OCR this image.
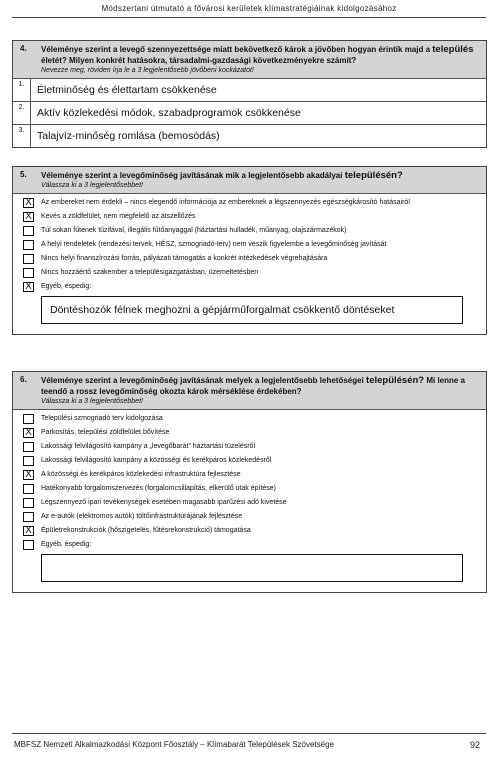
Módszertani útmutató a fővárosi kerületek klímastratégiáinak kidolgozásához
4. Véleménye szerint a levegő szennyezettsége miatt bekövetkező károk a jövőben hogyan érintik majd a település életét? Milyen konkrét hatásokra, társadalmi-gazdasági következményekre számít?
Nevezze meg, röviden írja le a 3 legjelentősebb jövőbeni kockázatot!
1.	Életminőség és élettartam csökkenése
2.	Aktív közlekedési módok, szabadprogramok csökkenése
3.	Talajvíz-minőség romlása (bemosódás)
5. Véleménye szerint a levegőminőség javításának mik a legjelentősebb akadályai településén?
Válassza ki a 3 legjelentősebbet!
X	Az embereket nem érdekli – nincs elegendő információja az embereknek a légszennyezés egészségkárosító hatásairól
X	Kevés a zöldfelület, nem megfelelő az átszellőzés
Túl sokan fűtenek tűzifával, illegális fűtőanyaggal (háztartási hulladék, műanyag, olajszármazékok)
A helyi rendeletek (rendezési tervek, HÉSZ, szmogriadó-terv) nem veszik figyelembe a levegőminőség javítását
Nincs helyi finanszírozási forrás, pályázati támogatás a konkrét intézkedések végrehajtására
Nincs hozzáértő szakember a településigazgatásban, üzemeltetésben
X	Egyéb, éspedig:
Döntéshozók félnek meghozni a gépjárműforgalmat csökkentő döntéseket
6. Véleménye szerint a levegőminőség javításának melyek a legjelentősebb lehetőségei településén? Mi lenne a teendő a rossz levegőminőség okozta károk mérséklése érdekében?
Válassza ki a 3 legjelentősebbet!
Települési szmogriadó terv kidolgozása
X	Parkosítás, települési zöldfelület bővítése
Lakossági felvilágosító kampány a „levegőbarát” háztartási tüzelésről
Lakossági felvilágosító kampány a közösségi és kerékpáros közlekedésről
X	A közösségi és kerékpáros közlekedési infrastruktúra fejlesztése
Hatékonyabb forgalomszervezés (forgalomcsillapítás, elkerülő utak építése)
Légszennyező ipari tevékenységek esetében magasabb iparűzési adó kivetése
Az e-autók (elektromos autók) töltőinfrastruktúrájának fejlesztése
X	Épületrekonstrukciók (hőszigetelés, fűtésrekonstrukció) támogatása
Egyéb, éspedig:
MBFSZ Nemzeti Alkalmazkodási Központ Főosztály – Klímabarát Települések Szövetsége	92
